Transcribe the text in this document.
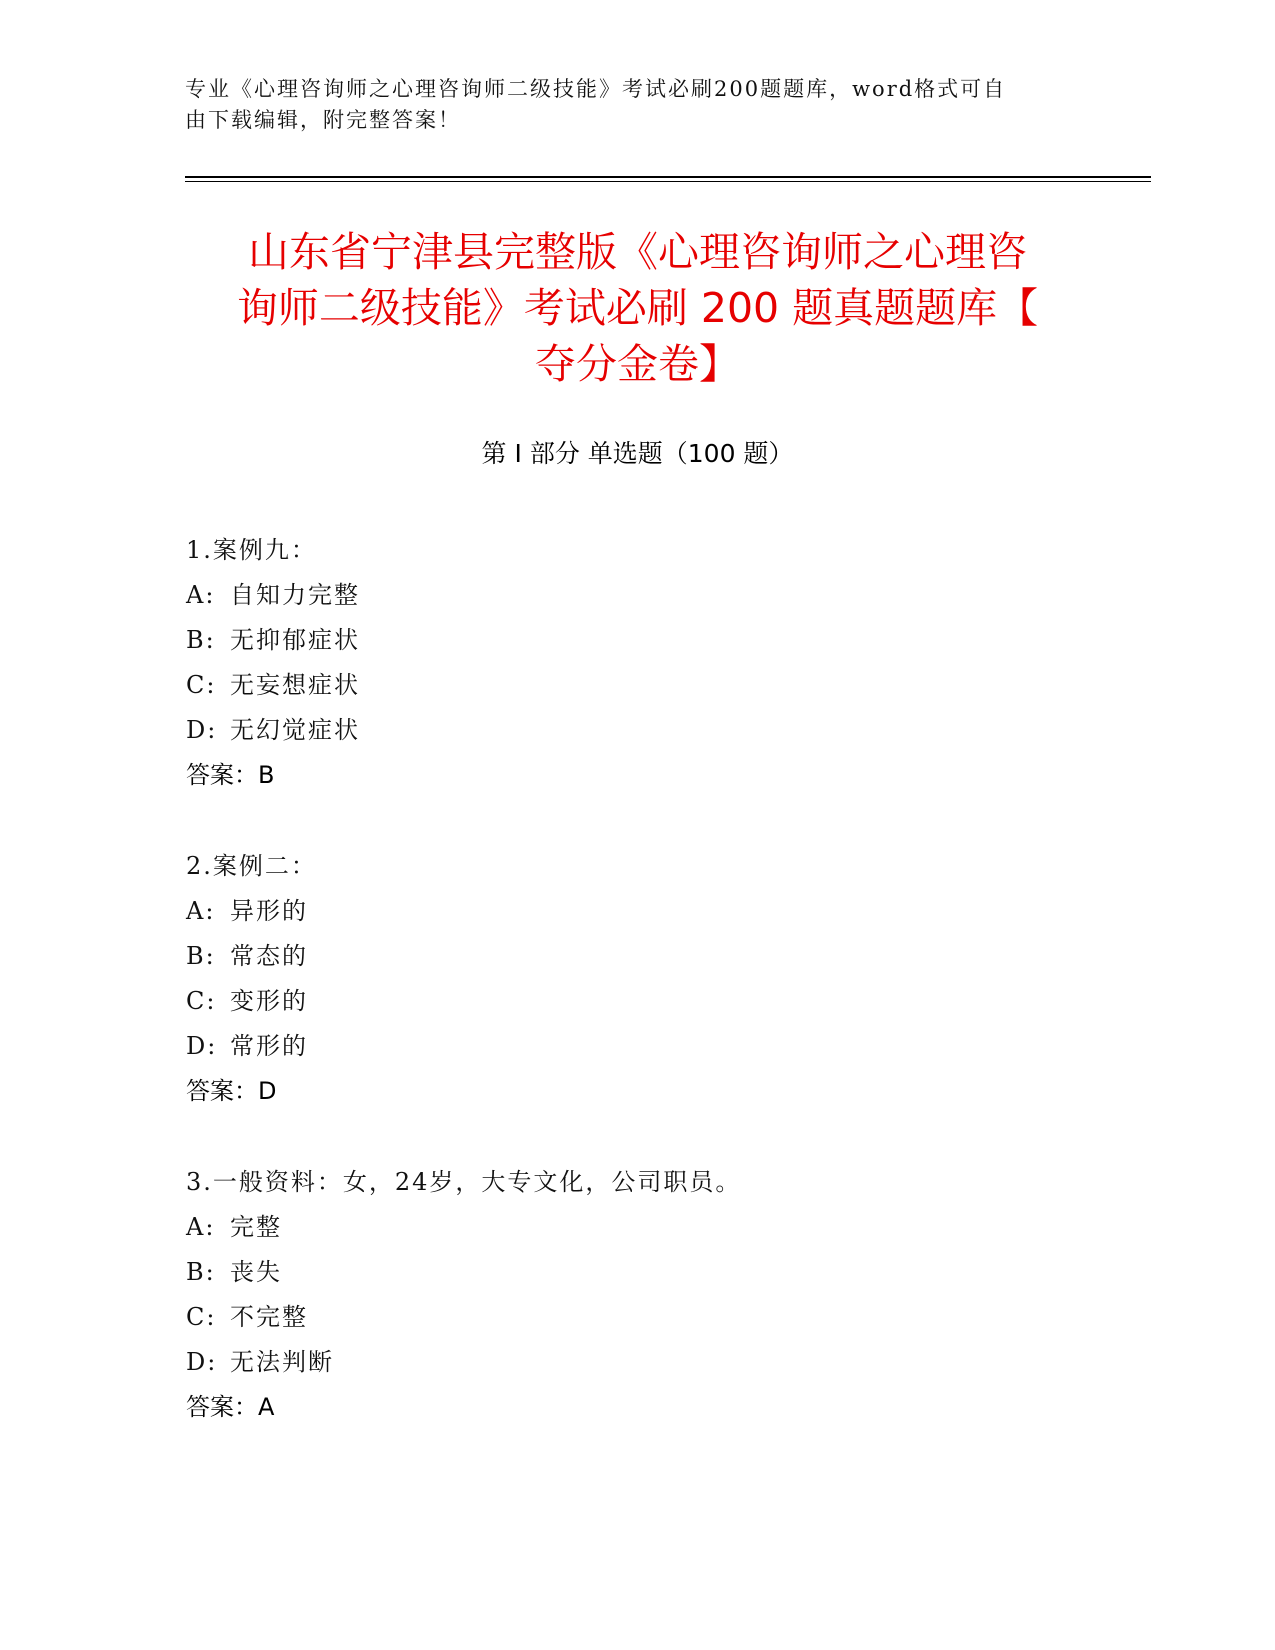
专业《心理咨询师之心理咨询师二级技能》考试必刷200题题库，word格式可自
由下载编辑，附完整答案！
山东省宁津县完整版《心理咨询师之心理咨
询师二级技能》考试必刷 200 题真题题库【
夺分金卷】
第 I 部分 单选题（100 题）
1.案例九：
A: 自知力完整
B: 无抑郁症状
C: 无妄想症状
D: 无幻觉症状
答案：B
2.案例二：
A: 异形的
B: 常态的
C: 变形的
D: 常形的
答案：D
3.一般资料：女，24岁，大专文化，公司职员。
A: 完整
B: 丧失
C: 不完整
D: 无法判断
答案：A
